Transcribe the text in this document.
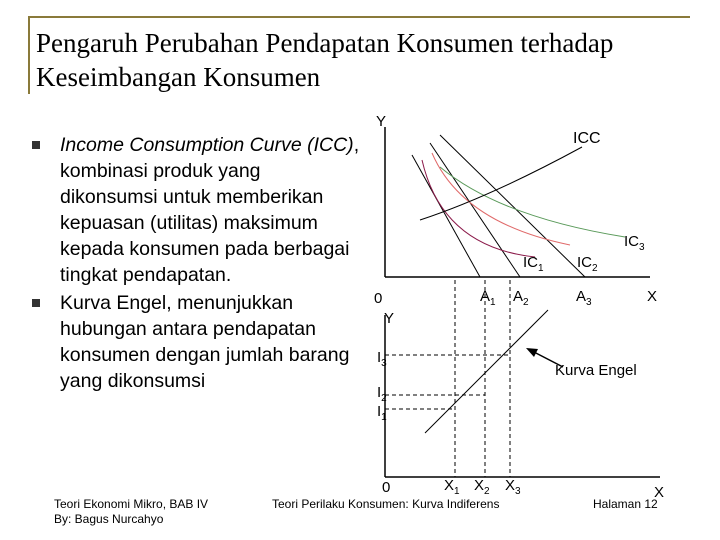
Pengaruh Perubahan Pendapatan Konsumen terhadap
Keseimbangan Konsumen
Income Consumption Curve (ICC), kombinasi produk yang dikonsumsi untuk memberikan kepuasan (utilitas) maksimum kepada konsumen pada berbagai tingkat pendapatan.
Kurva Engel, menunjukkan hubungan antara pendapatan konsumen dengan jumlah barang yang dikonsumsi
Y
ICC
$IC_1$ $IC_2$
$IC_3$
0	$A_1$ $A_2$	$A_3$	X
Y
$I_3$
$I_2$
$I_1$
Kurva Engel
0	$X_1$ $X_2$ $X_3$	X
Teori Ekonomi Mikro, BAB IV
By: Bagus Nurcahyo
Teori Perilaku Konsumen: Kurva Indiferens	Halaman 12
